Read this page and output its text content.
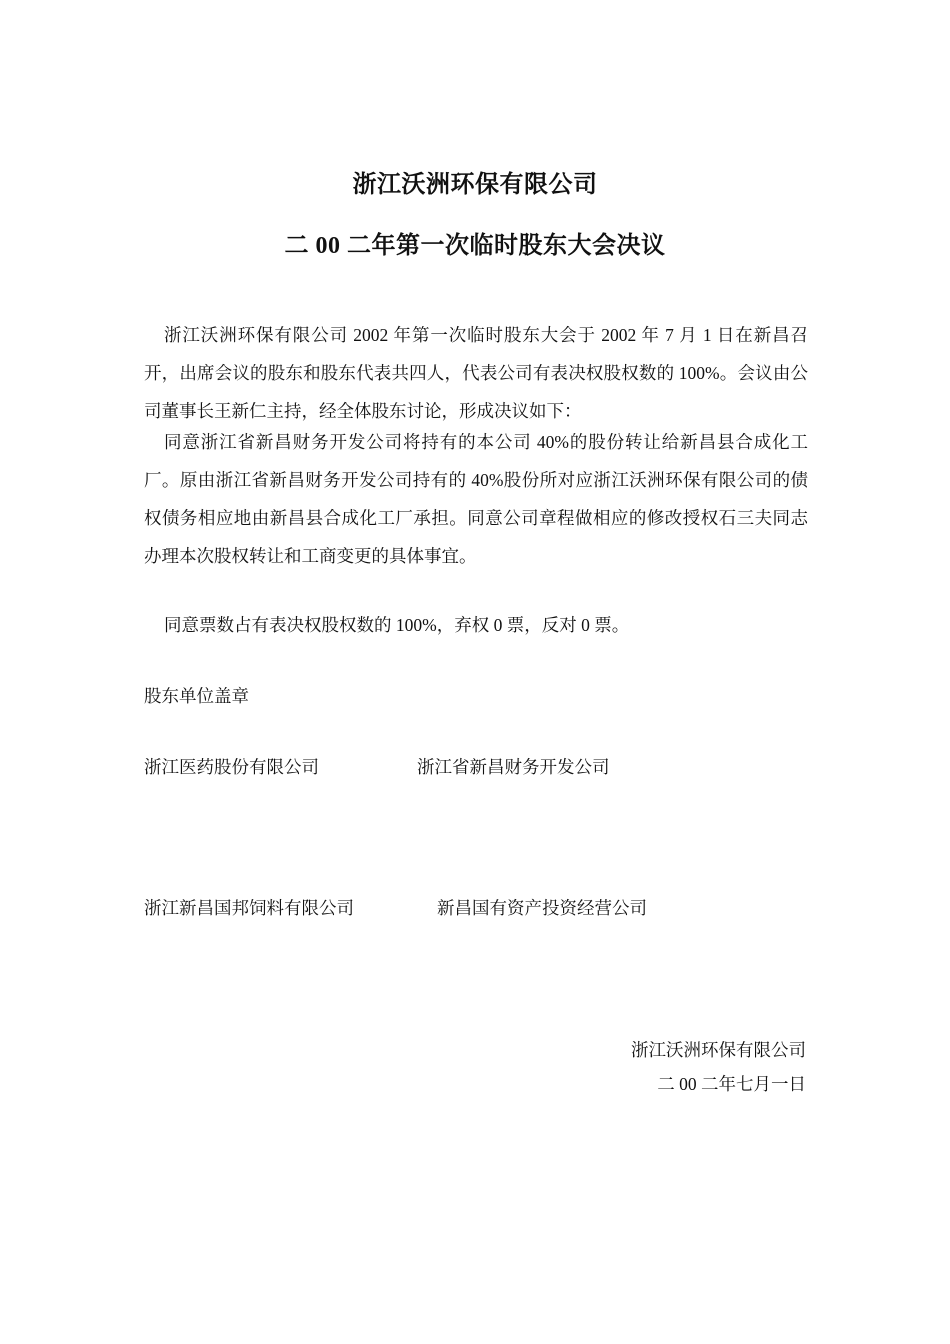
浙江沃洲环保有限公司
二 00 二年第一次临时股东大会决议
浙江沃洲环保有限公司 2002 年第一次临时股东大会于 2002 年 7 月 1 日在新昌召开，出席会议的股东和股东代表共四人，代表公司有表决权股权数的 100%。会议由公司董事长王新仁主持，经全体股东讨论，形成决议如下：
同意浙江省新昌财务开发公司将持有的本公司 40%的股份转让给新昌县合成化工厂。原由浙江省新昌财务开发公司持有的 40%股份所对应浙江沃洲环保有限公司的债权债务相应地由新昌县合成化工厂承担。同意公司章程做相应的修改授权石三夫同志办理本次股权转让和工商变更的具体事宜。
同意票数占有表决权股权数的 100%，弃权 0 票，反对 0 票。
股东单位盖章
浙江医药股份有限公司	浙江省新昌财务开发公司
浙江新昌国邦饲料有限公司	新昌国有资产投资经营公司
浙江沃洲环保有限公司
二 00 二年七月一日
